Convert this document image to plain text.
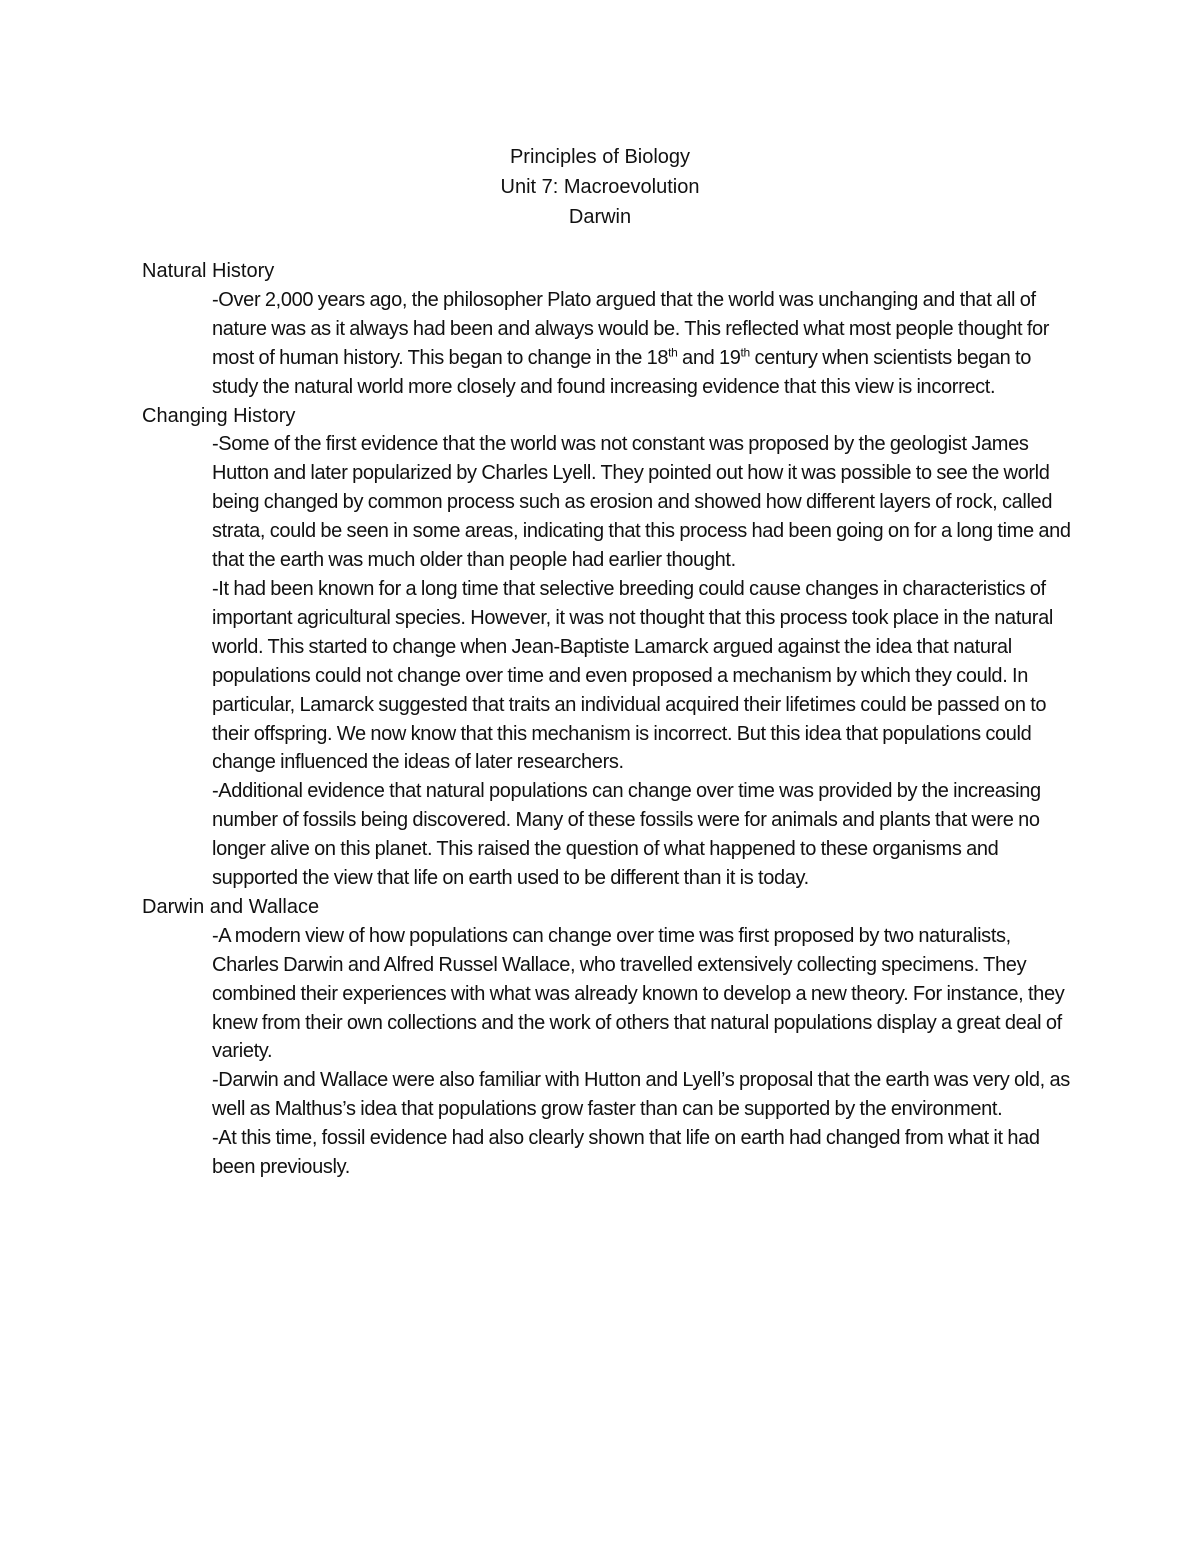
Principles of Biology
Unit 7: Macroevolution
Darwin
Natural History

-Over 2,000 years ago, the philosopher Plato argued that the world was unchanging and that all of nature was as it always had been and always would be. This reflected what most people thought for most of human history. This began to change in the 18th and 19th century when scientists began to study the natural world more closely and found increasing evidence that this view is incorrect.

Changing History

-Some of the first evidence that the world was not constant was proposed by the geologist James Hutton and later popularized by Charles Lyell. They pointed out how it was possible to see the world being changed by common process such as erosion and showed how different layers of rock, called strata, could be seen in some areas, indicating that this process had been going on for a long time and that the earth was much older than people had earlier thought.

-It had been known for a long time that selective breeding could cause changes in characteristics of important agricultural species. However, it was not thought that this process took place in the natural world. This started to change when Jean-Baptiste Lamarck argued against the idea that natural populations could not change over time and even proposed a mechanism by which they could. In particular, Lamarck suggested that traits an individual acquired their lifetimes could be passed on to their offspring. We now know that this mechanism is incorrect. But this idea that populations could change influenced the ideas of later researchers.

-Additional evidence that natural populations can change over time was provided by the increasing number of fossils being discovered. Many of these fossils were for animals and plants that were no longer alive on this planet. This raised the question of what happened to these organisms and supported the view that life on earth used to be different than it is today.

Darwin and Wallace

-A modern view of how populations can change over time was first proposed by two naturalists, Charles Darwin and Alfred Russel Wallace, who travelled extensively collecting specimens. They combined their experiences with what was already known to develop a new theory. For instance, they knew from their own collections and the work of others that natural populations display a great deal of variety.

-Darwin and Wallace were also familiar with Hutton and Lyell’s proposal that the earth was very old, as well as Malthus’s idea that populations grow faster than can be supported by the environment.

-At this time, fossil evidence had also clearly shown that life on earth had changed from what it had been previously.
